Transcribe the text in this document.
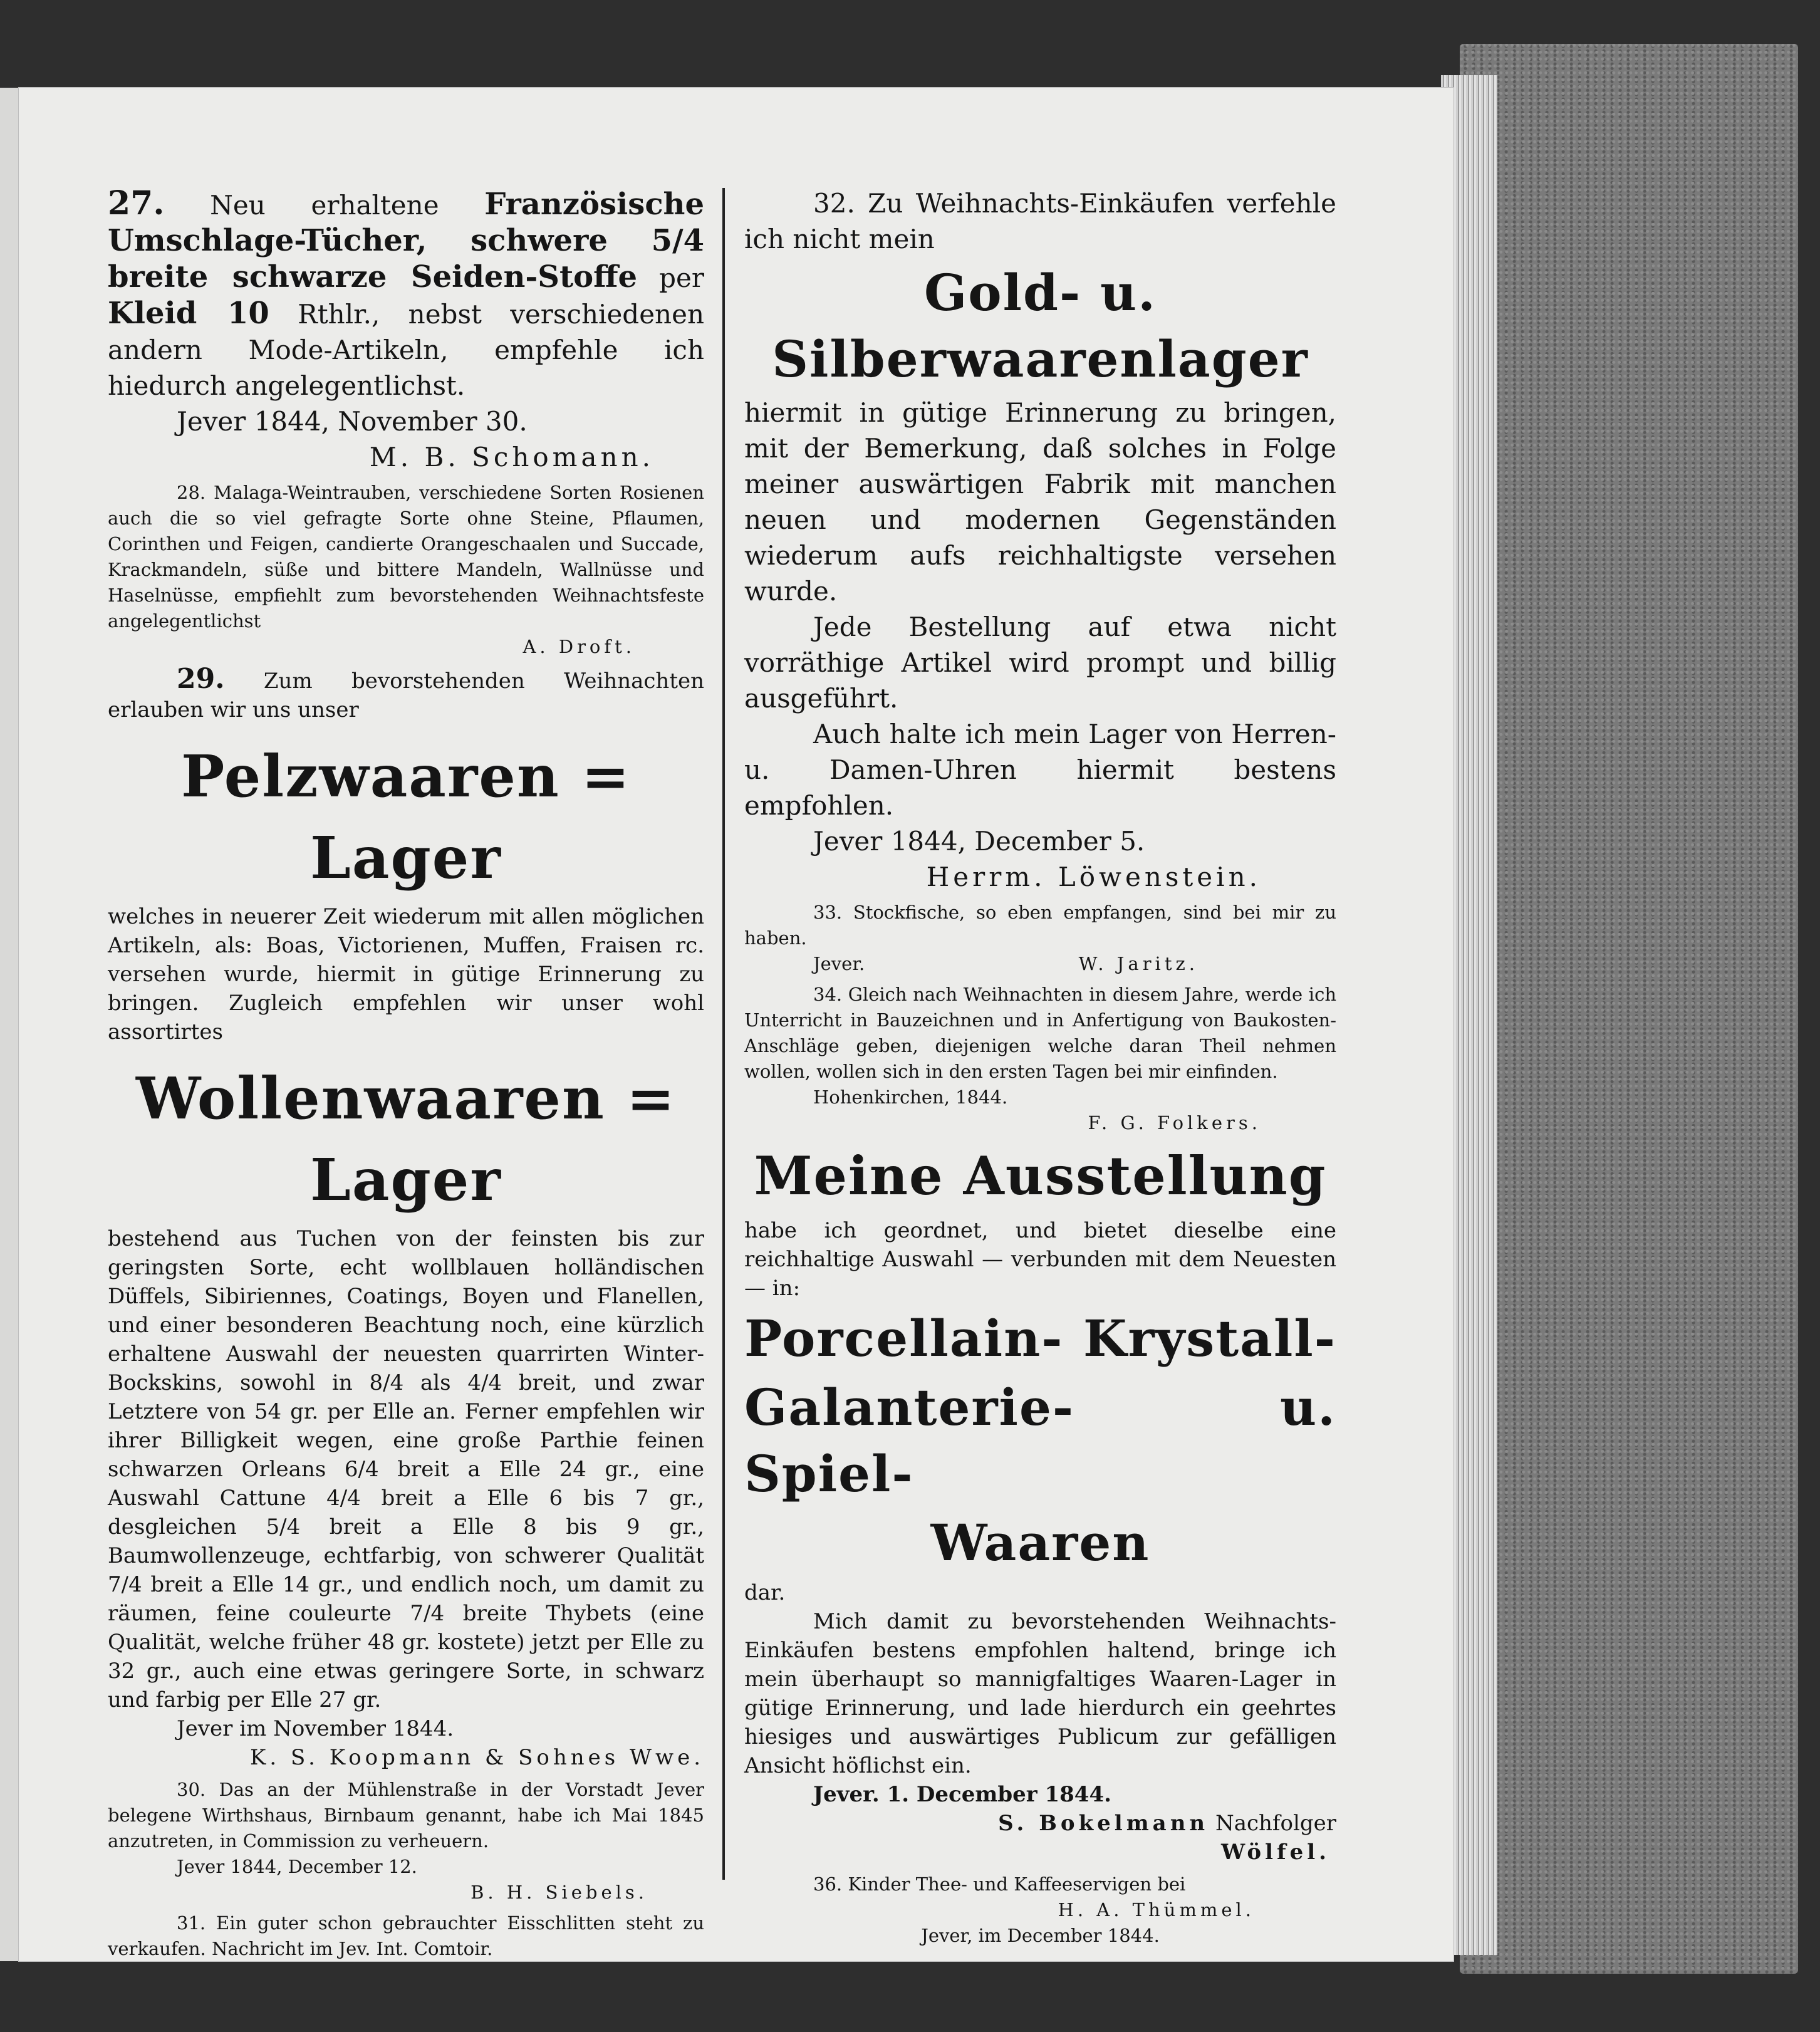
27. Neu erhaltene Französische Umschlage-Tücher, schwere 5/4 breite schwarze Seiden-Stoffe per Kleid 10 Rthlr., nebst verschiedenen andern Mode-Artikeln, empfehle ich hiedurch angelegentlichst.

Jever 1844, November 30.

M. B. Schomann.

28. Malaga-Weintrauben, verschiedene Sorten Rosienen auch die so viel gefragte Sorte ohne Steine, Pflaumen, Corinthen und Feigen, candierte Orangeschaalen und Succade, Krackmandeln, süße und bittere Mandeln, Wallnüsse und Haselnüsse, empfiehlt zum bevorstehenden Weihnachtsfeste angelegentlichst

A. Droft.

29. Zum bevorstehenden Weihnachten erlauben wir uns unser

Pelzwaaren = Lager

welches in neuerer Zeit wiederum mit allen möglichen Artikeln, als: Boas, Victorienen, Muffen, Fraisen rc. versehen wurde, hiermit in gütige Erinnerung zu bringen. Zugleich empfehlen wir unser wohl assortirtes

Wollenwaaren = Lager

bestehend aus Tuchen von der feinsten bis zur geringsten Sorte, echt wollblauen holländischen Düffels, Sibiriennes, Coatings, Boyen und Flanellen, und einer besonderen Beachtung noch, eine kürzlich erhaltene Auswahl der neuesten quarrirten Winter-Bockskins, sowohl in 8/4 als 4/4 breit, und zwar Letztere von 54 gr. per Elle an. Ferner empfehlen wir ihrer Billigkeit wegen, eine große Parthie feinen schwarzen Orleans 6/4 breit a Elle 24 gr., eine Auswahl Cattune 4/4 breit a Elle 6 bis 7 gr., desgleichen 5/4 breit a Elle 8 bis 9 gr., Baumwollenzeuge, echtfarbig, von schwerer Qualität 7/4 breit a Elle 14 gr., und endlich noch, um damit zu räumen, feine couleurte 7/4 breite Thybets (eine Qualität, welche früher 48 gr. kostete) jetzt per Elle zu 32 gr., auch eine etwas geringere Sorte, in schwarz und farbig per Elle 27 gr.

Jever im November 1844.

K. S. Koopmann & Sohnes Wwe.

30. Das an der Mühlenstraße in der Vorstadt Jever belegene Wirthshaus, Birnbaum genannt, habe ich Mai 1845 anzutreten, in Commission zu verheuern.

Jever 1844, December 12.

B. H. Siebels.

31. Ein guter schon gebrauchter Eisschlitten steht zu verkaufen. Nachricht im Jev. Int. Comtoir.

32. Zu Weihnachts-Einkäufen verfehle ich nicht mein

Gold- u. Silberwaarenlager

hiermit in gütige Erinnerung zu bringen, mit der Bemerkung, daß solches in Folge meiner auswärtigen Fabrik mit manchen neuen und modernen Gegenständen wiederum aufs reichhaltigste versehen wurde.

Jede Bestellung auf etwa nicht vorräthige Artikel wird prompt und billig ausgeführt.

Auch halte ich mein Lager von Herren- u. Damen-Uhren hiermit bestens empfohlen.

Jever 1844, December 5.

Herrm. Löwenstein.

33. Stockfische, so eben empfangen, sind bei mir zu haben.

Jever.	W. Jaritz.

34. Gleich nach Weihnachten in diesem Jahre, werde ich Unterricht in Bauzeichnen und in Anfertigung von Baukosten-Anschläge geben, diejenigen welche daran Theil nehmen wollen, wollen sich in den ersten Tagen bei mir einfinden.

Hohenkirchen, 1844.

F. G. Folkers.

Meine Ausstellung

habe ich geordnet, und bietet dieselbe eine reichhaltige Auswahl — verbunden mit dem Neuesten — in:

Porcellain- Krystall-

Galanterie- u. Spiel-

Waaren

dar.

Mich damit zu bevorstehenden Weihnachts-Einkäufen bestens empfohlen haltend, bringe ich mein überhaupt so mannigfaltiges Waaren-Lager in gütige Erinnerung, und lade hierdurch ein geehrtes hiesiges und auswärtiges Publicum zur gefälligen Ansicht höflichst ein.

Jever. 1. December 1844.

S. Bokelmann Nachfolger

Wölfel.

36. Kinder Thee- und Kaffeeservigen bei

H. A. Thümmel.

Jever, im December 1844.
